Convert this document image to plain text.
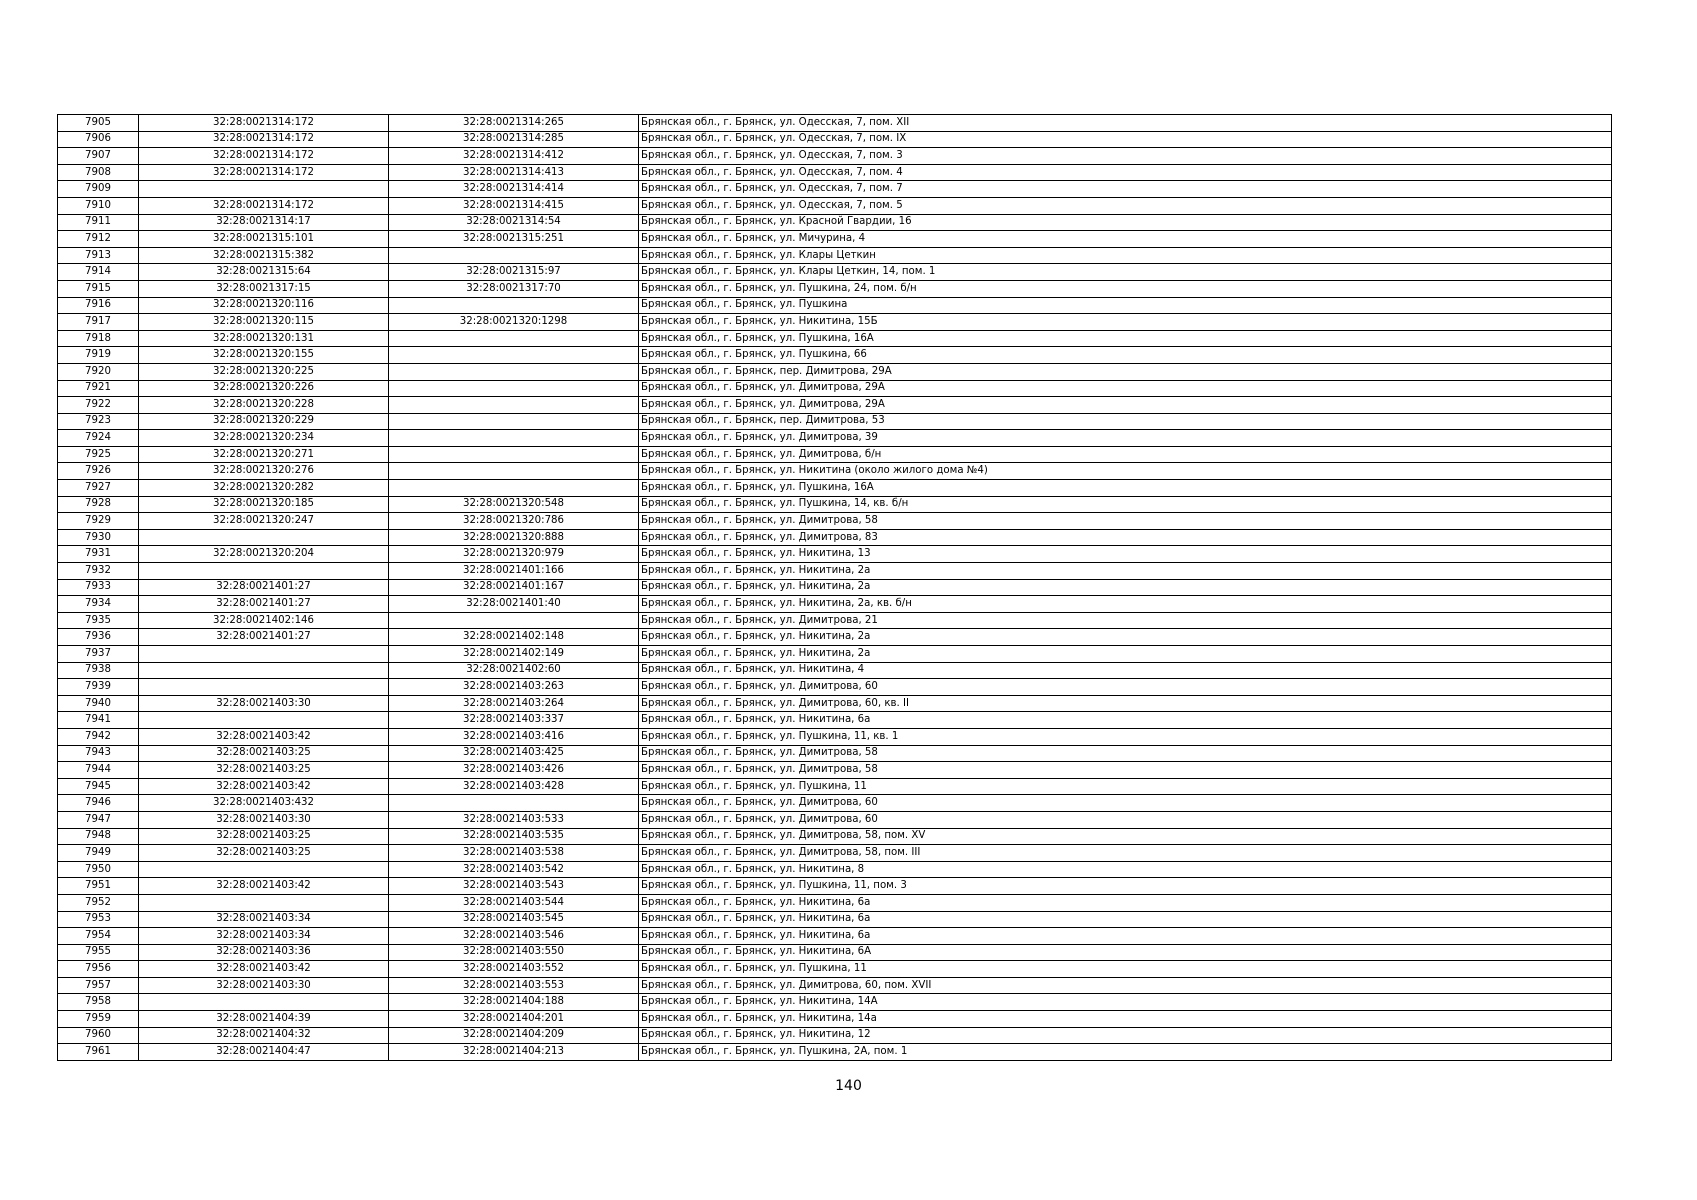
7905	32:28:0021314:172	32:28:0021314:265	Брянская обл., г. Брянск, ул. Одесская, 7, пом. XII
7906	32:28:0021314:172	32:28:0021314:285	Брянская обл., г. Брянск, ул. Одесская, 7, пом. IX
7907	32:28:0021314:172	32:28:0021314:412	Брянская обл., г. Брянск, ул. Одесская, 7, пом. 3
7908	32:28:0021314:172	32:28:0021314:413	Брянская обл., г. Брянск, ул. Одесская, 7, пом. 4
7909		32:28:0021314:414	Брянская обл., г. Брянск, ул. Одесская, 7, пом. 7
7910	32:28:0021314:172	32:28:0021314:415	Брянская обл., г. Брянск, ул. Одесская, 7, пом. 5
7911	32:28:0021314:17	32:28:0021314:54	Брянская обл., г. Брянск, ул. Красной Гвардии, 16
7912	32:28:0021315:101	32:28:0021315:251	Брянская обл., г. Брянск, ул. Мичурина, 4
7913	32:28:0021315:382		Брянская обл., г. Брянск, ул. Клары Цеткин
7914	32:28:0021315:64	32:28:0021315:97	Брянская обл., г. Брянск, ул. Клары Цеткин, 14, пом. 1
7915	32:28:0021317:15	32:28:0021317:70	Брянская обл., г. Брянск, ул. Пушкина, 24, пом. б/н
7916	32:28:0021320:116		Брянская обл., г. Брянск, ул. Пушкина
7917	32:28:0021320:115	32:28:0021320:1298	Брянская обл., г. Брянск, ул. Никитина, 15Б
7918	32:28:0021320:131		Брянская обл., г. Брянск, ул. Пушкина, 16А
7919	32:28:0021320:155		Брянская обл., г. Брянск, ул. Пушкина, 66
7920	32:28:0021320:225		Брянская обл., г. Брянск, пер. Димитрова, 29А
7921	32:28:0021320:226		Брянская обл., г. Брянск, ул. Димитрова, 29А
7922	32:28:0021320:228		Брянская обл., г. Брянск, ул. Димитрова, 29А
7923	32:28:0021320:229		Брянская обл., г. Брянск, пер. Димитрова, 53
7924	32:28:0021320:234		Брянская обл., г. Брянск, ул. Димитрова, 39
7925	32:28:0021320:271		Брянская обл., г. Брянск, ул. Димитрова, б/н
7926	32:28:0021320:276		Брянская обл., г. Брянск, ул. Никитина (около жилого дома №4)
7927	32:28:0021320:282		Брянская обл., г. Брянск, ул. Пушкина, 16А
7928	32:28:0021320:185	32:28:0021320:548	Брянская обл., г. Брянск, ул. Пушкина, 14, кв. б/н
7929	32:28:0021320:247	32:28:0021320:786	Брянская обл., г. Брянск, ул. Димитрова, 58
7930		32:28:0021320:888	Брянская обл., г. Брянск, ул. Димитрова, 83
7931	32:28:0021320:204	32:28:0021320:979	Брянская обл., г. Брянск, ул. Никитина, 13
7932		32:28:0021401:166	Брянская обл., г. Брянск, ул. Никитина, 2а
7933	32:28:0021401:27	32:28:0021401:167	Брянская обл., г. Брянск, ул. Никитина, 2а
7934	32:28:0021401:27	32:28:0021401:40	Брянская обл., г. Брянск, ул. Никитина, 2а, кв. б/н
7935	32:28:0021402:146		Брянская обл., г. Брянск, ул. Димитрова, 21
7936	32:28:0021401:27	32:28:0021402:148	Брянская обл., г. Брянск, ул. Никитина, 2а
7937		32:28:0021402:149	Брянская обл., г. Брянск, ул. Никитина, 2а
7938		32:28:0021402:60	Брянская обл., г. Брянск, ул. Никитина, 4
7939		32:28:0021403:263	Брянская обл., г. Брянск, ул. Димитрова, 60
7940	32:28:0021403:30	32:28:0021403:264	Брянская обл., г. Брянск, ул. Димитрова, 60, кв. II
7941		32:28:0021403:337	Брянская обл., г. Брянск, ул. Никитина, 6а
7942	32:28:0021403:42	32:28:0021403:416	Брянская обл., г. Брянск, ул. Пушкина, 11, кв. 1
7943	32:28:0021403:25	32:28:0021403:425	Брянская обл., г. Брянск, ул. Димитрова, 58
7944	32:28:0021403:25	32:28:0021403:426	Брянская обл., г. Брянск, ул. Димитрова, 58
7945	32:28:0021403:42	32:28:0021403:428	Брянская обл., г. Брянск, ул. Пушкина, 11
7946	32:28:0021403:432		Брянская обл., г. Брянск, ул. Димитрова, 60
7947	32:28:0021403:30	32:28:0021403:533	Брянская обл., г. Брянск, ул. Димитрова, 60
7948	32:28:0021403:25	32:28:0021403:535	Брянская обл., г. Брянск, ул. Димитрова, 58, пом. XV
7949	32:28:0021403:25	32:28:0021403:538	Брянская обл., г. Брянск, ул. Димитрова, 58, пом. III
7950		32:28:0021403:542	Брянская обл., г. Брянск, ул. Никитина, 8
7951	32:28:0021403:42	32:28:0021403:543	Брянская обл., г. Брянск, ул. Пушкина, 11, пом. 3
7952		32:28:0021403:544	Брянская обл., г. Брянск, ул. Никитина, 6а
7953	32:28:0021403:34	32:28:0021403:545	Брянская обл., г. Брянск, ул. Никитина, 6а
7954	32:28:0021403:34	32:28:0021403:546	Брянская обл., г. Брянск, ул. Никитина, 6а
7955	32:28:0021403:36	32:28:0021403:550	Брянская обл., г. Брянск, ул. Никитина, 6А
7956	32:28:0021403:42	32:28:0021403:552	Брянская обл., г. Брянск, ул. Пушкина, 11
7957	32:28:0021403:30	32:28:0021403:553	Брянская обл., г. Брянск, ул. Димитрова, 60, пом. XVII
7958		32:28:0021404:188	Брянская обл., г. Брянск, ул. Никитина, 14А
7959	32:28:0021404:39	32:28:0021404:201	Брянская обл., г. Брянск, ул. Никитина, 14а
7960	32:28:0021404:32	32:28:0021404:209	Брянская обл., г. Брянск, ул. Никитина, 12
7961	32:28:0021404:47	32:28:0021404:213	Брянская обл., г. Брянск, ул. Пушкина, 2А, пом. 1
140
